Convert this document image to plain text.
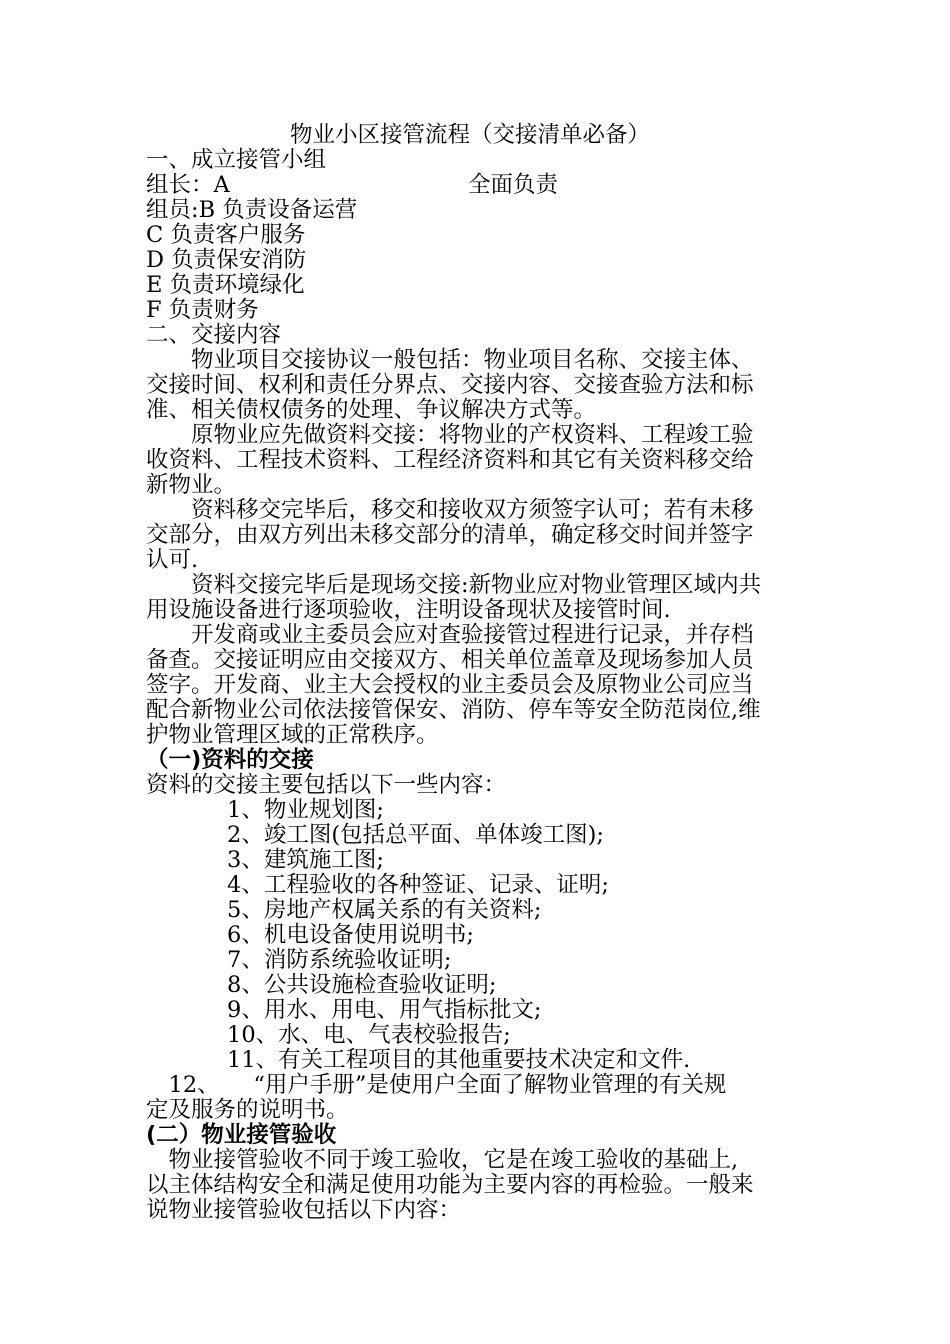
物业小区接管流程（交接清单必备）
一、成立接管小组
组长：A	全面负责
组员:B 负责设备运营
C 负责客户服务
D 负责保安消防
E 负责环境绿化
F 负责财务
二、交接内容
　　物业项目交接协议一般包括：物业项目名称、交接主体、
交接时间、权利和责任分界点、交接内容、交接查验方法和标
准、相关债权债务的处理、争议解决方式等。
　　原物业应先做资料交接：将物业的产权资料、工程竣工验
收资料、工程技术资料、工程经济资料和其它有关资料移交给
新物业。
　　资料移交完毕后，移交和接收双方须签字认可；若有未移
交部分，由双方列出未移交部分的清单，确定移交时间并签字
认可.
　　资料交接完毕后是现场交接:新物业应对物业管理区域内共
用设施设备进行逐项验收，注明设备现状及接管时间.
　　开发商或业主委员会应对查验接管过程进行记录，并存档
备查。交接证明应由交接双方、相关单位盖章及现场参加人员
签字。开发商、业主大会授权的业主委员会及原物业公司应当
配合新物业公司依法接管保安、消防、停车等安全防范岗位,维
护物业管理区域的正常秩序。
（一)资料的交接
资料的交接主要包括以下一些内容：
1、物业规划图;
2、竣工图(包括总平面、单体竣工图);
3、建筑施工图;
4、工程验收的各种签证、记录、证明;
5、房地产权属关系的有关资料;
6、机电设备使用说明书;
7、消防系统验收证明;
8、公共设施检查验收证明;
9、用水、用电、用气指标批文;
10、水、电、气表校验报告;
11、有关工程项目的其他重要技术决定和文件.
　12、　　“用户手册”是使用户全面了解物业管理的有关规
定及服务的说明书。
(二）物业接管验收
　物业接管验收不同于竣工验收，它是在竣工验收的基础上,
以主体结构安全和满足使用功能为主要内容的再检验。一般来
说物业接管验收包括以下内容：
